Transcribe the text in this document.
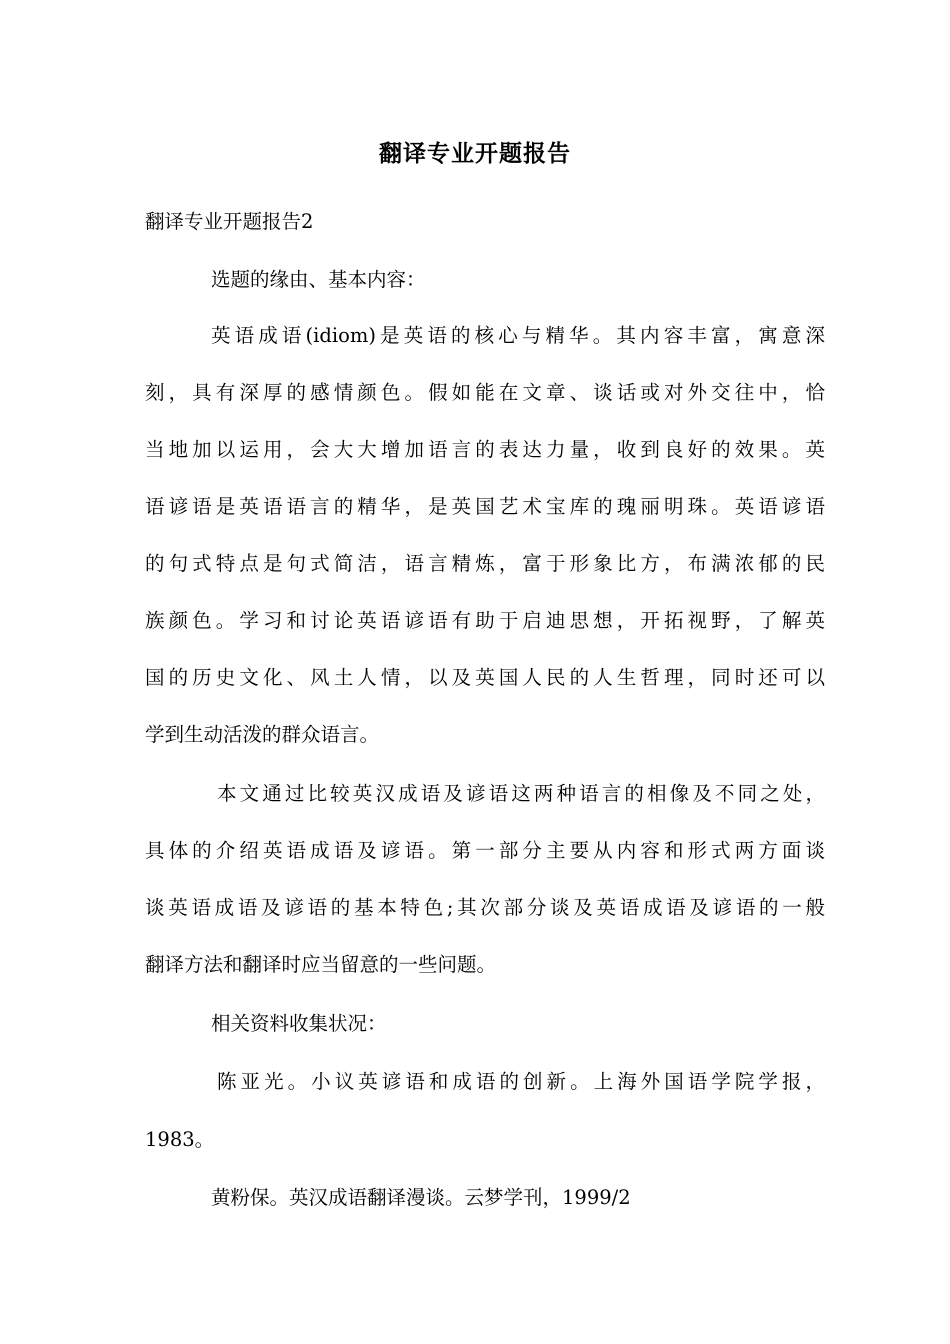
翻译专业开题报告
翻译专业开题报告2
选题的缘由、基本内容：
英语成语(idiom)是英语的核心与精华。其内容丰富，寓意深
刻，具有深厚的感情颜色。假如能在文章、谈话或对外交往中，恰
当地加以运用，会大大增加语言的表达力量，收到良好的效果。英
语谚语是英语语言的精华，是英国艺术宝库的瑰丽明珠。英语谚语
的句式特点是句式简洁，语言精炼，富于形象比方，布满浓郁的民
族颜色。学习和讨论英语谚语有助于启迪思想，开拓视野，了解英
国的历史文化、风土人情，以及英国人民的人生哲理，同时还可以
学到生动活泼的群众语言。
本文通过比较英汉成语及谚语这两种语言的相像及不同之处，
具体的介绍英语成语及谚语。第一部分主要从内容和形式两方面谈
谈英语成语及谚语的基本特色;其次部分谈及英语成语及谚语的一般
翻译方法和翻译时应当留意的一些问题。
相关资料收集状况：
陈亚光。小议英谚语和成语的创新。上海外国语学院学报，
1983。
黄粉保。英汉成语翻译漫谈。云梦学刊，1999/2
